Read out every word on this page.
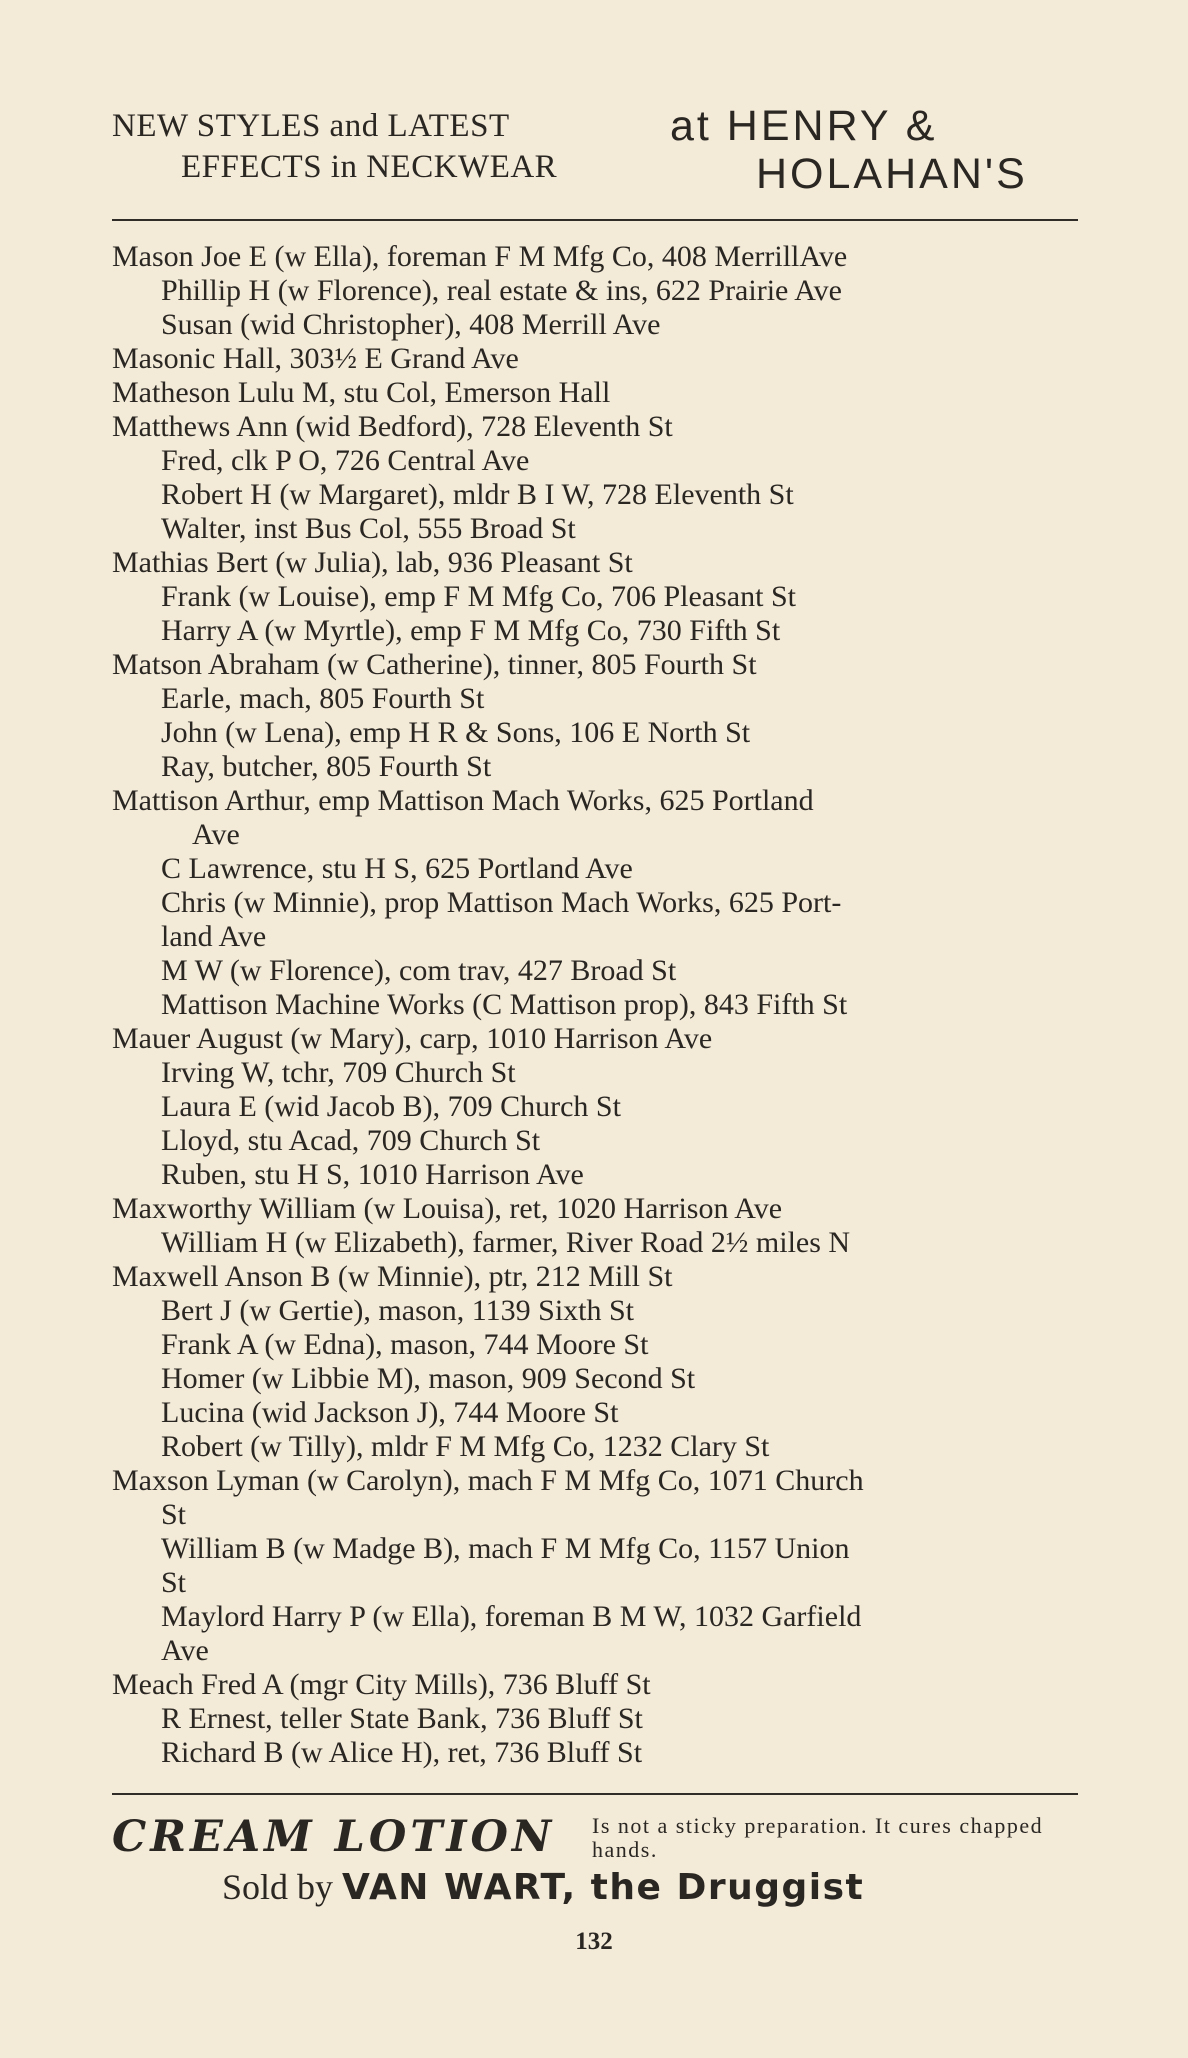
NEW STYLES and LATEST
EFFECTS in NECKWEAR
at HENRY &
HOLAHAN'S
Mason Joe E (w Ella), foreman F M Mfg Co, 408 MerrillAve
Phillip H (w Florence), real estate & ins, 622 Prairie Ave
Susan (wid Christopher), 408 Merrill Ave
Masonic Hall, 303½ E Grand Ave
Matheson Lulu M, stu Col, Emerson Hall
Matthews Ann (wid Bedford), 728 Eleventh St
Fred, clk P O, 726 Central Ave
Robert H (w Margaret), mldr B I W, 728 Eleventh St
Walter, inst Bus Col, 555 Broad St
Mathias Bert (w Julia), lab, 936 Pleasant St
Frank (w Louise), emp F M Mfg Co, 706 Pleasant St
Harry A (w Myrtle), emp F M Mfg Co, 730 Fifth St
Matson Abraham (w Catherine), tinner, 805 Fourth St
Earle, mach, 805 Fourth St
John (w Lena), emp H R & Sons, 106 E North St
Ray, butcher, 805 Fourth St
Mattison Arthur, emp Mattison Mach Works, 625 Portland
Ave
C Lawrence, stu H S, 625 Portland Ave
Chris (w Minnie), prop Mattison Mach Works, 625 Port-
land Ave
M W (w Florence), com trav, 427 Broad St
Mattison Machine Works (C Mattison prop), 843 Fifth St
Mauer August (w Mary), carp, 1010 Harrison Ave
Irving W, tchr, 709 Church St
Laura E (wid Jacob B), 709 Church St
Lloyd, stu Acad, 709 Church St
Ruben, stu H S, 1010 Harrison Ave
Maxworthy William (w Louisa), ret, 1020 Harrison Ave
William H (w Elizabeth), farmer, River Road 2½ miles N
Maxwell Anson B (w Minnie), ptr, 212 Mill St
Bert J (w Gertie), mason, 1139 Sixth St
Frank A (w Edna), mason, 744 Moore St
Homer (w Libbie M), mason, 909 Second St
Lucina (wid Jackson J), 744 Moore St
Robert (w Tilly), mldr F M Mfg Co, 1232 Clary St
Maxson Lyman (w Carolyn), mach F M Mfg Co, 1071 Church
St
William B (w Madge B), mach F M Mfg Co, 1157 Union
St
Maylord Harry P (w Ella), foreman B M W, 1032 Garfield
Ave
Meach Fred A (mgr City Mills), 736 Bluff St
R Ernest, teller State Bank, 736 Bluff St
Richard B (w Alice H), ret, 736 Bluff St
CREAM LOTION Is not a sticky preparation. It cures chapped hands.
Sold by VAN WART, the Druggist
132
